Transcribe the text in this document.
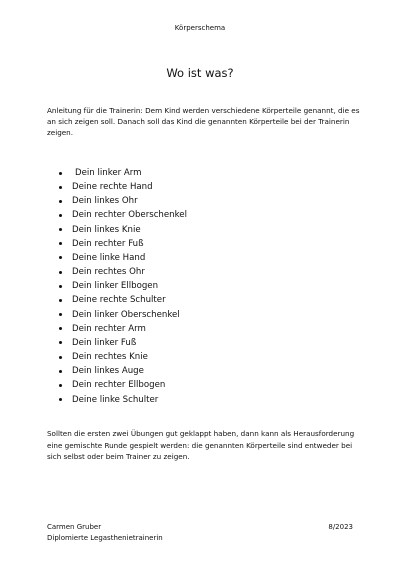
Körperschema
Wo ist was?
Anleitung für die Trainerin: Dem Kind werden verschiedene Körperteile genannt, die es an sich zeigen soll. Danach soll das Kind die genannten Körperteile bei der Trainerin zeigen.
Dein linker Arm
Deine rechte Hand
Dein linkes Ohr
Dein rechter Oberschenkel
Dein linkes Knie
Dein rechter Fuß
Deine linke Hand
Dein rechtes Ohr
Dein linker Ellbogen
Deine rechte Schulter
Dein linker Oberschenkel
Dein rechter Arm
Dein linker Fuß
Dein rechtes Knie
Dein linkes Auge
Dein rechter Ellbogen
Deine linke Schulter
Sollten die ersten zwei Übungen gut geklappt haben, dann kann als Herausforderung eine gemischte Runde gespielt werden: die genannten Körperteile sind entweder bei sich selbst oder beim Trainer zu zeigen.
Carmen Gruber
Diplomierte Legasthenietrainerin
8/2023
